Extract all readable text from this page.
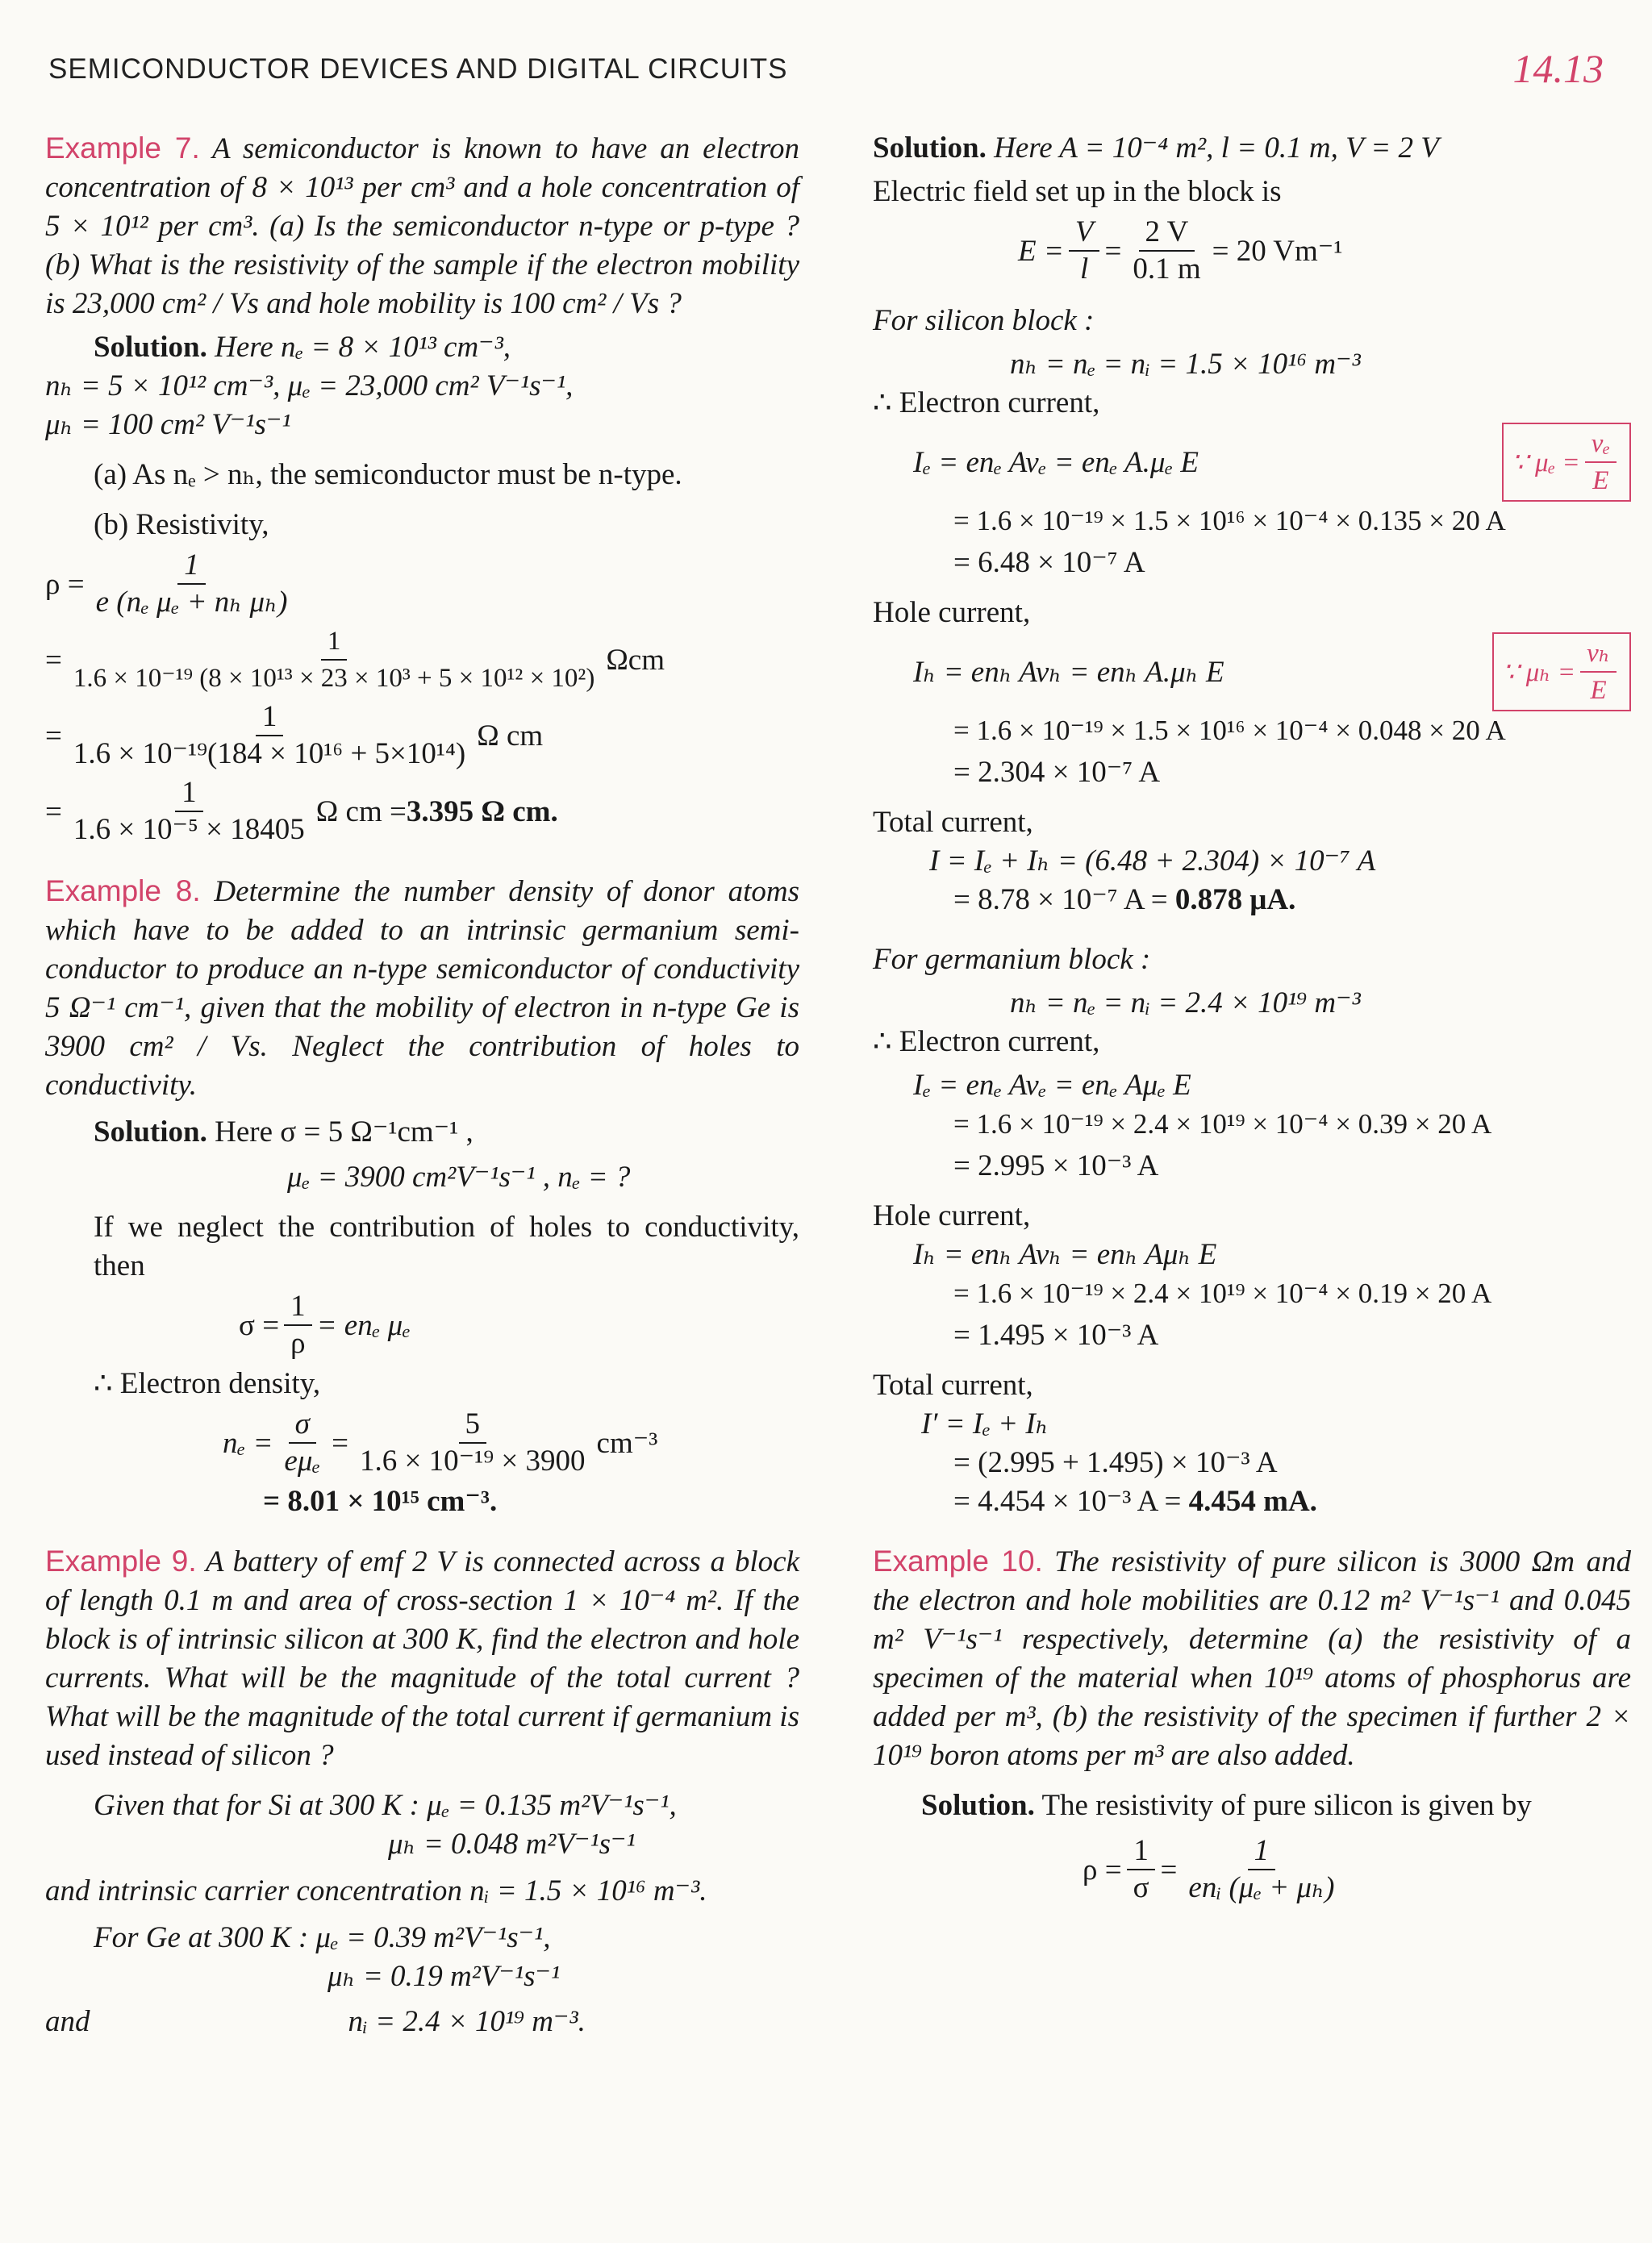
SEMICONDUCTOR DEVICES AND DIGITAL CIRCUITS	14.13

Example 7. A semiconductor is known to have an electron concentration of 8 × 10¹³ per cm³ and a hole concentration of 5 × 10¹² per cm³. (a) Is the semiconductor n-type or p-type ? (b) What is the resistivity of the sample if the electron mobility is 23,000 cm² / Vs and hole mobility is 100 cm² / Vs ?

Solution. Here nₑ = 8 × 10¹³ cm⁻³,

nₕ = 5 × 10¹² cm⁻³, μₑ = 23,000 cm² V⁻¹s⁻¹,

μₕ = 100 cm² V⁻¹s⁻¹

(a) As nₑ > nₕ, the semiconductor must be n-type.

(b) Resistivity,

$\rho = \frac{1}{\text{e (nₑ μₑ + nₕ μₕ)}}$
= $\frac{1}{\text{1.6 × 10⁻¹⁹ (8 × 10¹³ × 23 × 10³ + 5 × 10¹² × 10²)}}$ Ωcm
= $\frac{1}{\text{1.6 × 10⁻¹⁹(184 × 10¹⁶ + 5×10¹⁴)}}$ Ω cm
= $\frac{1}{\text{1.6 × 10⁻⁵ × 18405}}$ Ω cm = 3.395 Ω cm.

Example 8. Determine the number density of donor atoms which have to be added to an intrinsic germanium semi-conductor to produce an n-type semiconductor of conductivity 5 Ω⁻¹ cm⁻¹, given that the mobility of electron in n-type Ge is 3900 cm² / Vs. Neglect the contribution of holes to conductivity.

Solution. Here σ = 5 Ω⁻¹cm⁻¹ ,

μₑ = 3900 cm²V⁻¹s⁻¹ , nₑ = ?

If we neglect the contribution of holes to conductivity, then

$\sigma = \frac{1}{\rho} = en_e$ μₑ

∴ Electron density,

$n_e = \frac{\sigma}{\text{eμₑ}} = \frac{5}{\text{1.6 × 10⁻¹⁹ × 3900}} cm^{-3}$

= 8.01 × 10¹⁵ cm⁻³.

Example 9. A battery of emf 2 V is connected across a block of length 0.1 m and area of cross-section 1 × 10⁻⁴ m². If the block is of intrinsic silicon at 300 K, find the electron and hole currents. What will be the magnitude of the total current ? What will be the magnitude of the total current if germanium is used instead of silicon ?

Given that for Si at 300 K : μₑ = 0.135 m²V⁻¹s⁻¹,

μₕ = 0.048 m²V⁻¹s⁻¹

and intrinsic carrier concentration nᵢ = 1.5 × 10¹⁶ m⁻³.

For Ge at 300 K : μₑ = 0.39 m²V⁻¹s⁻¹,

μₕ = 0.19 m²V⁻¹s⁻¹

and	nᵢ = 2.4 × 10¹⁹ m⁻³.

Solution. Here A = 10⁻⁴ m², l = 0.1 m, V = 2 V

Electric field set up in the block is

$E = \frac{V}{l} = \frac{2 V}{0.1 m} = 20$ Vm⁻¹

For silicon block :

nₕ = nₑ = nᵢ = 1.5 × 10¹⁶ m⁻³

∴ Electron current,

Iₑ = enₑ Avₑ = enₑ A.μₑ E	∵ $\mu_e = \frac{\text{vₑ}}{E}$

= 1.6 × 10⁻¹⁹ × 1.5 × 10¹⁶ × 10⁻⁴ × 0.135 × 20 A

= 6.48 × 10⁻⁷ A

Hole current,

Iₕ = enₕ Avₕ = enₕ A.μₕ E	∵ $\mu_h = \frac{\text{vₕ}}{E}$

= 1.6 × 10⁻¹⁹ × 1.5 × 10¹⁶ × 10⁻⁴ × 0.048 × 20 A

= 2.304 × 10⁻⁷ A

Total current,

I = Iₑ + Iₕ = (6.48 + 2.304) × 10⁻⁷ A

= 8.78 × 10⁻⁷ A = 0.878 μA.

For germanium block :

nₕ = nₑ = nᵢ = 2.4 × 10¹⁹ m⁻³

∴ Electron current,

Iₑ = enₑ Avₑ = enₑ Aμₑ E

= 1.6 × 10⁻¹⁹ × 2.4 × 10¹⁹ × 10⁻⁴ × 0.39 × 20 A

= 2.995 × 10⁻³ A

Hole current,

Iₕ = enₕ Avₕ = enₕ Aμₕ E

= 1.6 × 10⁻¹⁹ × 2.4 × 10¹⁹ × 10⁻⁴ × 0.19 × 20 A

= 1.495 × 10⁻³ A

Total current,

I′ = Iₑ + Iₕ

= (2.995 + 1.495) × 10⁻³ A

= 4.454 × 10⁻³ A = 4.454 mA.

Example 10. The resistivity of pure silicon is 3000 Ωm and the electron and hole mobilities are 0.12 m² V⁻¹s⁻¹ and 0.045 m² V⁻¹s⁻¹ respectively, determine (a) the resistivity of a specimen of the material when 10¹⁹ atoms of phosphorus are added per m³, (b) the resistivity of the specimen if further 2 × 10¹⁹ boron atoms per m³ are also added.

Solution. The resistivity of pure silicon is given by

$\rho = \frac{1}{\sigma} = \frac{1}{\text{enᵢ (μₑ + μₕ)}}$
